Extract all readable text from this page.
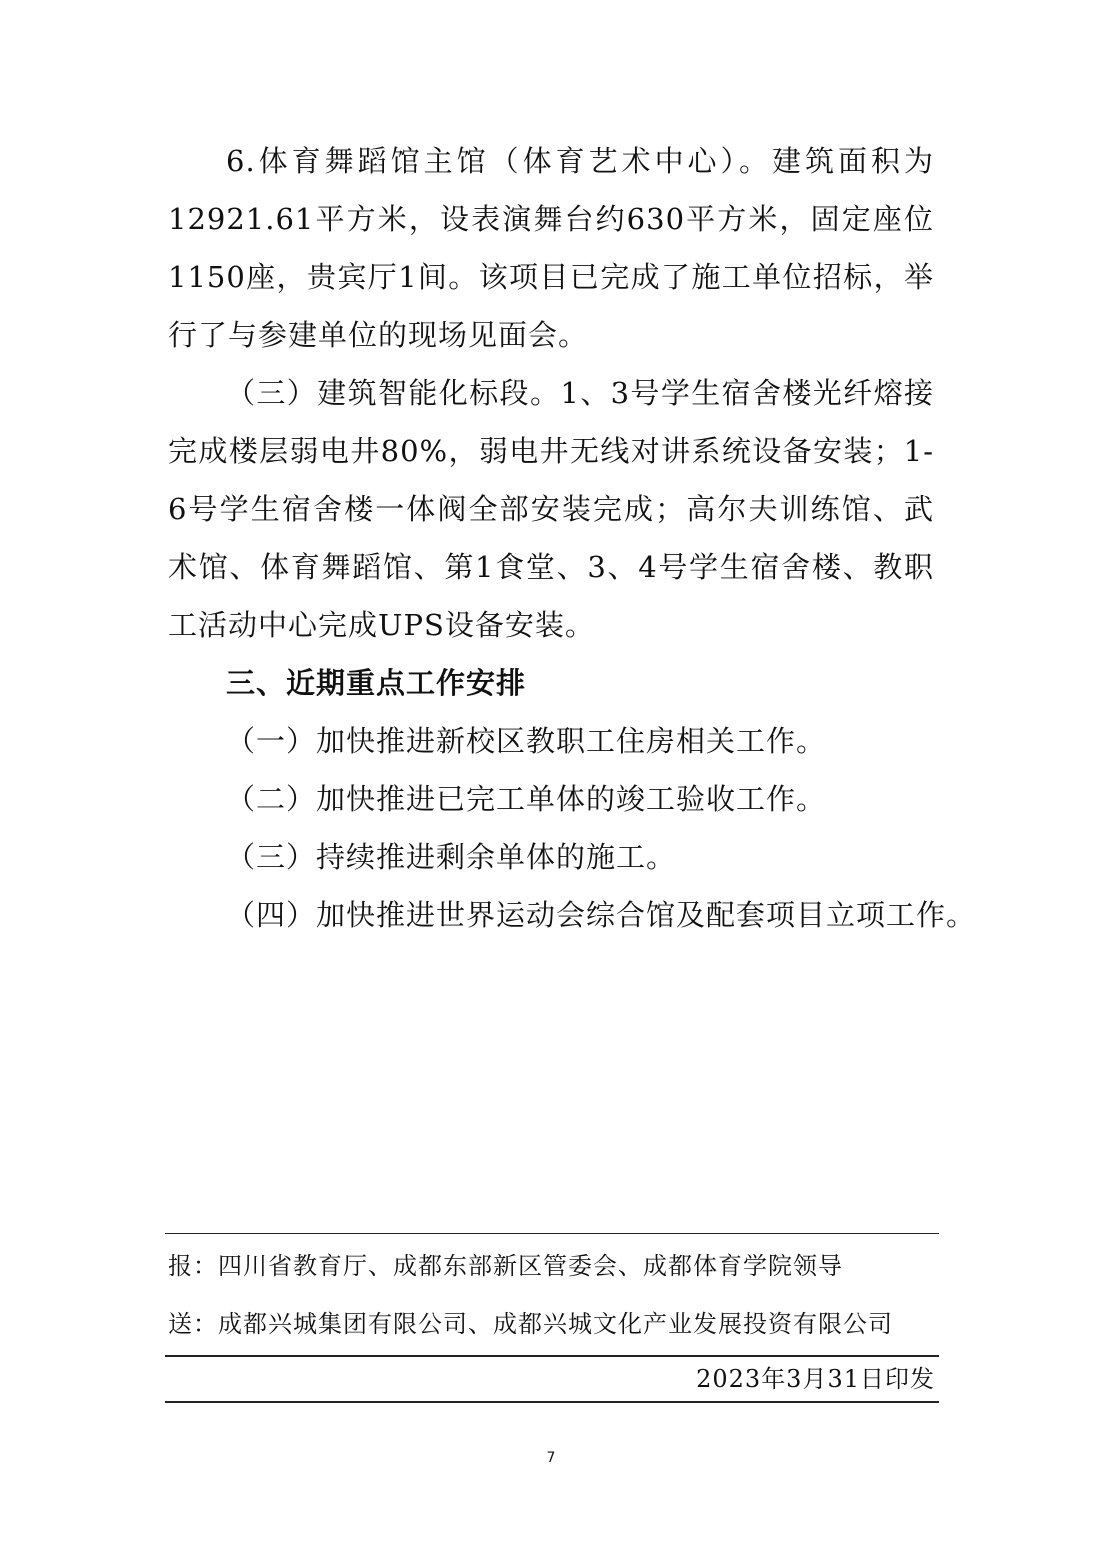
6.体育舞蹈馆主馆（体育艺术中心）。建筑面积为12921.61平方米，设表演舞台约630平方米，固定座位1150座，贵宾厅1间。该项目已完成了施工单位招标，举行了与参建单位的现场见面会。

（三）建筑智能化标段。1、3号学生宿舍楼光纤熔接完成楼层弱电井80%，弱电井无线对讲系统设备安装；1-6号学生宿舍楼一体阀全部安装完成；高尔夫训练馆、武术馆、体育舞蹈馆、第1食堂、3、4号学生宿舍楼、教职工活动中心完成UPS设备安装。

三、近期重点工作安排

（一）加快推进新校区教职工住房相关工作。

（二）加快推进已完工单体的竣工验收工作。

（三）持续推进剩余单体的施工。

（四）加快推进世界运动会综合馆及配套项目立项工作。

报：四川省教育厅、成都东部新区管委会、成都体育学院领导

送：成都兴城集团有限公司、成都兴城文化产业发展投资有限公司

2023年3月31日印发

7
